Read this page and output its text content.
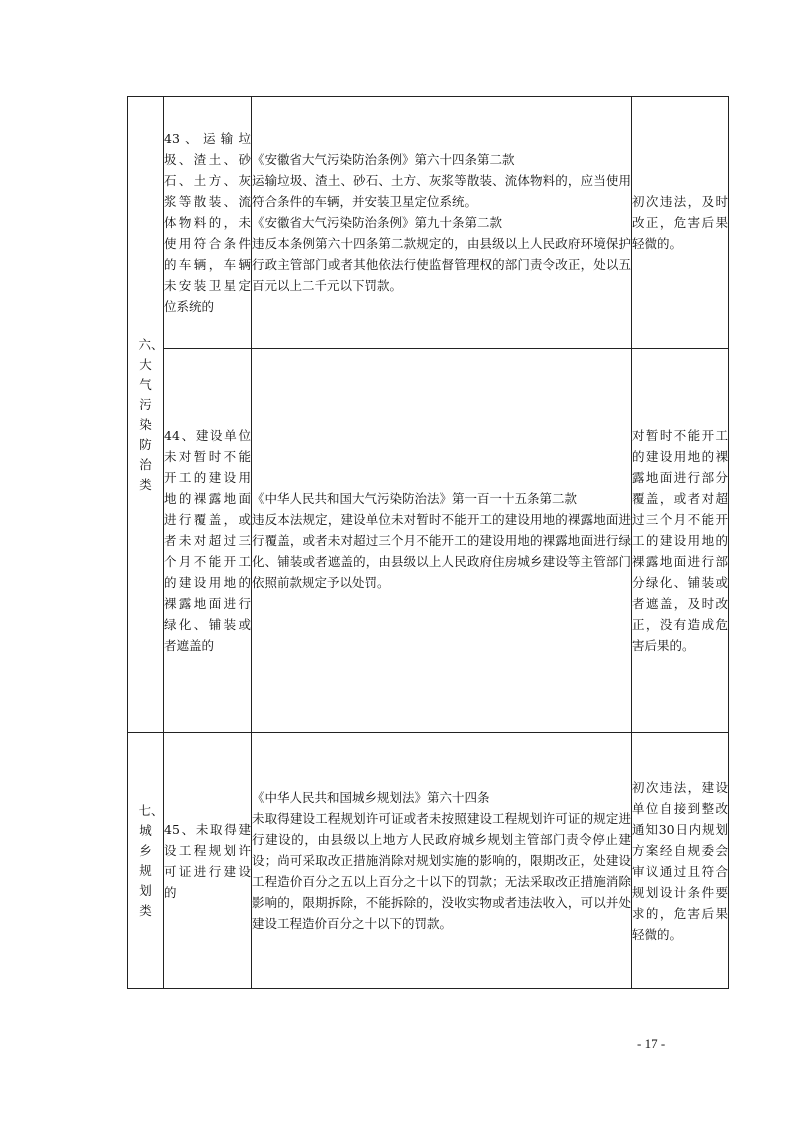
六、大气污染防治类	43、运输垃圾、渣土、砂石、土方、灰浆等散装、流体物料的，未使用符合条件的车辆，车辆未安装卫星定位系统的	《安徽省大气污染防治条例》第六十四条第二款
运输垃圾、渣土、砂石、土方、灰浆等散装、流体物料的，应当使用符合条件的车辆，并安装卫星定位系统。
《安徽省大气污染防治条例》第九十条第二款
违反本条例第六十四条第二款规定的，由县级以上人民政府环境保护行政主管部门或者其他依法行使监督管理权的部门责令改正，处以五百元以上二千元以下罚款。	初次违法，及时改正，危害后果轻微的。
	44、建设单位未对暂时不能开工的建设用地的裸露地面进行覆盖，或者未对超过三个月不能开工的建设用地的裸露地面进行绿化、铺装或者遮盖的	《中华人民共和国大气污染防治法》第一百一十五条第二款
违反本法规定，建设单位未对暂时不能开工的建设用地的裸露地面进行覆盖，或者未对超过三个月不能开工的建设用地的裸露地面进行绿化、铺装或者遮盖的，由县级以上人民政府住房城乡建设等主管部门依照前款规定予以处罚。	对暂时不能开工的建设用地的裸露地面进行部分覆盖，或者对超过三个月不能开工的建设用地的裸露地面进行部分绿化、铺装或者遮盖，及时改正，没有造成危害后果的。
七、城乡规划类	45、未取得建设工程规划许可证进行建设的	《中华人民共和国城乡规划法》第六十四条
未取得建设工程规划许可证或者未按照建设工程规划许可证的规定进行建设的，由县级以上地方人民政府城乡规划主管部门责令停止建设；尚可采取改正措施消除对规划实施的影响的，限期改正，处建设工程造价百分之五以上百分之十以下的罚款；无法采取改正措施消除影响的，限期拆除，不能拆除的，没收实物或者违法收入，可以并处建设工程造价百分之十以下的罚款。	初次违法，建设单位自接到整改通知30日内规划方案经自规委会审议通过且符合规划设计条件要求的，危害后果轻微的。
- 17 -
